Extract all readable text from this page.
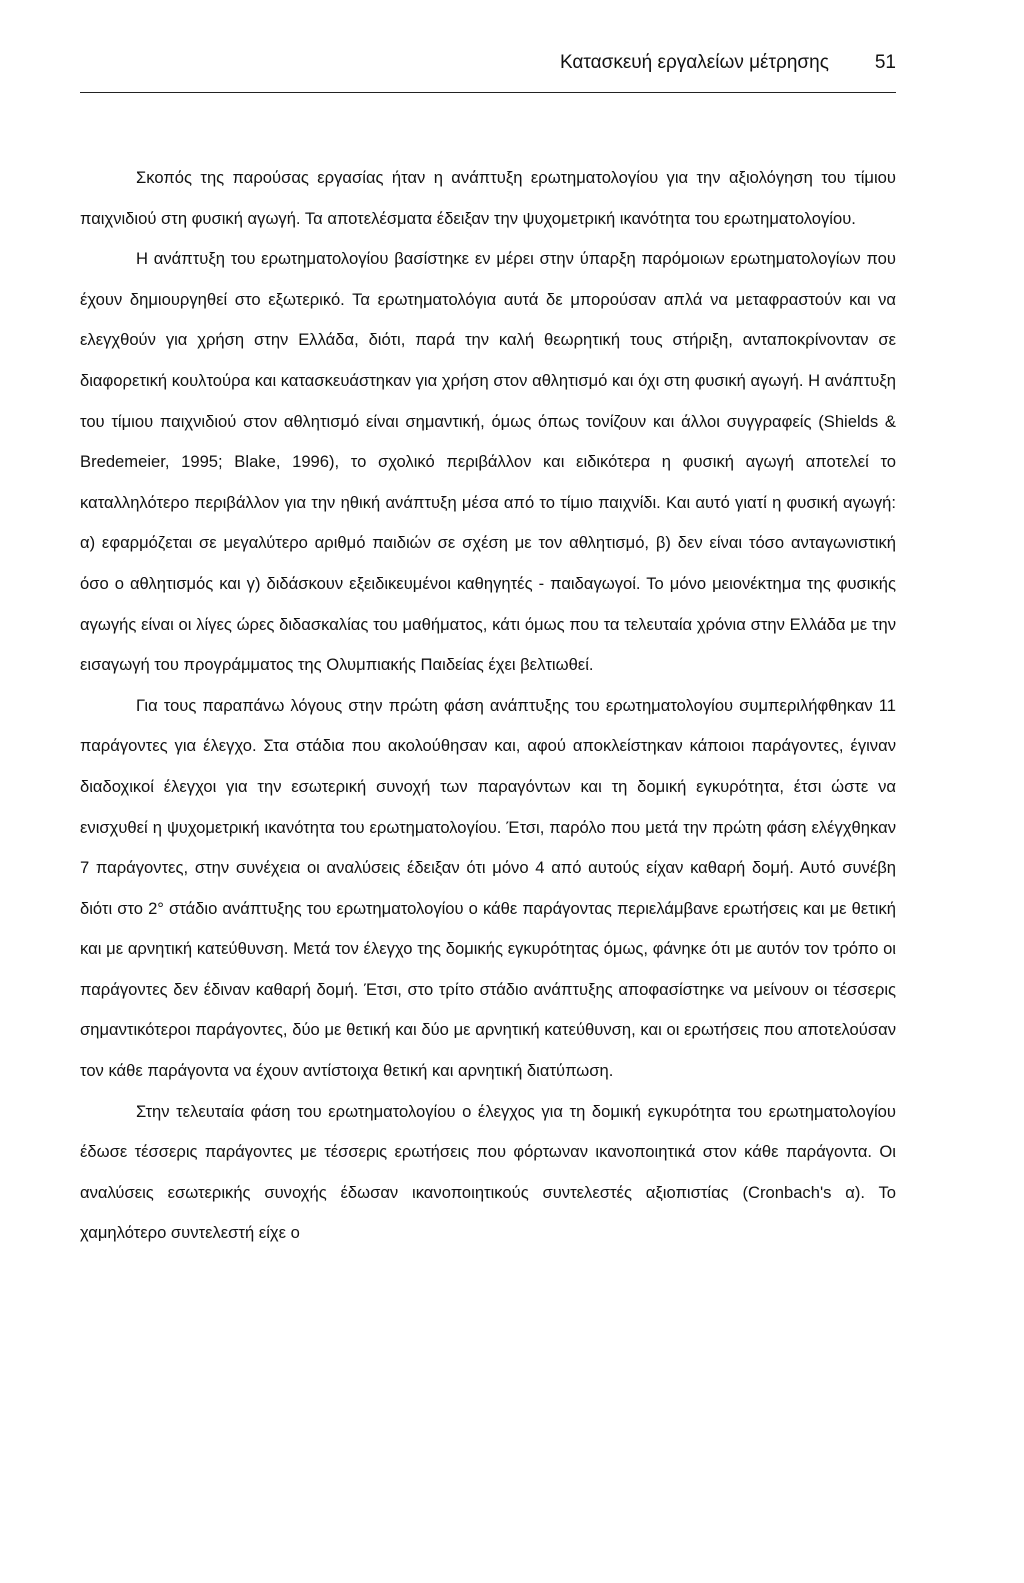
Κατασκευή εργαλείων μέτρησης 51

Σκοπός της παρούσας εργασίας ήταν η ανάπτυξη ερωτηματολογίου για την αξιολόγηση του τίμιου παιχνιδιού στη φυσική αγωγή. Τα αποτελέσματα έδειξαν την ψυχομετρική ικανότητα του ερωτηματολογίου.

Η ανάπτυξη του ερωτηματολογίου βασίστηκε εν μέρει στην ύπαρξη παρόμοιων ερωτηματολογίων που έχουν δημιουργηθεί στο εξωτερικό. Τα ερωτηματολόγια αυτά δε μπορούσαν απλά να μεταφραστούν και να ελεγχθούν για χρήση στην Ελλάδα, διότι, παρά την καλή θεωρητική τους στήριξη, ανταποκρίνονταν σε διαφορετική κουλτούρα και κατασκευάστηκαν για χρήση στον αθλητισμό και όχι στη φυσική αγωγή. Η ανάπτυξη του τίμιου παιχνιδιού στον αθλητισμό είναι σημαντική, όμως όπως τονίζουν και άλλοι συγγραφείς (Shields & Bredemeier, 1995; Blake, 1996), το σχολικό περιβάλλον και ειδικότερα η φυσική αγωγή αποτελεί το καταλληλότερο περιβάλλον για την ηθική ανάπτυξη μέσα από το τίμιο παιχνίδι. Και αυτό γιατί η φυσική αγωγή: α) εφαρμόζεται σε μεγαλύτερο αριθμό παιδιών σε σχέση με τον αθλητισμό, β) δεν είναι τόσο ανταγωνιστική όσο ο αθλητισμός και γ) διδάσκουν εξειδικευμένοι καθηγητές - παιδαγωγοί. Το μόνο μειονέκτημα της φυσικής αγωγής είναι οι λίγες ώρες διδασκαλίας του μαθήματος, κάτι όμως που τα τελευταία χρόνια στην Ελλάδα με την εισαγωγή του προγράμματος της Ολυμπιακής Παιδείας έχει βελτιωθεί.

Για τους παραπάνω λόγους στην πρώτη φάση ανάπτυξης του ερωτηματολογίου συμπεριλήφθηκαν 11 παράγοντες για έλεγχο. Στα στάδια που ακολούθησαν και, αφού αποκλείστηκαν κάποιοι παράγοντες, έγιναν διαδοχικοί έλεγχοι για την εσωτερική συνοχή των παραγόντων και τη δομική εγκυρότητα, έτσι ώστε να ενισχυθεί η ψυχομετρική ικανότητα του ερωτηματολογίου. Έτσι, παρόλο που μετά την πρώτη φάση ελέγχθηκαν 7 παράγοντες, στην συνέχεια οι αναλύσεις έδειξαν ότι μόνο 4 από αυτούς είχαν καθαρή δομή. Αυτό συνέβη διότι στο 2° στάδιο ανάπτυξης του ερωτηματολογίου ο κάθε παράγοντας περιελάμβανε ερωτήσεις και με θετική και με αρνητική κατεύθυνση. Μετά τον έλεγχο της δομικής εγκυρότητας όμως, φάνηκε ότι με αυτόν τον τρόπο οι παράγοντες δεν έδιναν καθαρή δομή. Έτσι, στο τρίτο στάδιο ανάπτυξης αποφασίστηκε να μείνουν οι τέσσερις σημαντικότεροι παράγοντες, δύο με θετική και δύο με αρνητική κατεύθυνση, και οι ερωτήσεις που αποτελούσαν τον κάθε παράγοντα να έχουν αντίστοιχα θετική και αρνητική διατύπωση.

Στην τελευταία φάση του ερωτηματολογίου ο έλεγχος για τη δομική εγκυρότητα του ερωτηματολογίου έδωσε τέσσερις παράγοντες με τέσσερις ερωτήσεις που φόρτωναν ικανοποιητικά στον κάθε παράγοντα. Οι αναλύσεις εσωτερικής συνοχής έδωσαν ικανοποιητικούς συντελεστές αξιοπιστίας (Cronbach's α). Το χαμηλότερο συντελεστή είχε ο
